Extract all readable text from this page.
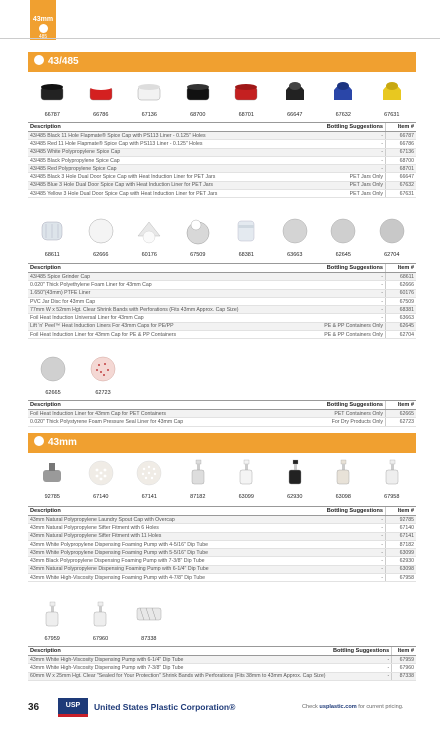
43mm
485
43/485
66787	66786	67136	68700	68701	66647	67632	67631
Description	Bottling Suggestions	Item #
43/485 Black 11 Hole Flapmate® Spice Cap with PS113 Liner - 0.125" Holes	-	66787
43/485 Red 11 Hole Flapmate® Spice Cap with PS113 Liner - 0.125" Holes	-	66786
43/485 White Polypropylene Spice Cap	-	67136
43/485 Black Polypropylene Spice Cap	-	68700
43/485 Red Polypropylene Spice Cap	-	68701
43/485 Black 3 Hole Dual Door Spice Cap with Heat Induction Liner for PET Jars	PET Jars Only	66647
43/485 Blue 3 Hole Dual Door Spice Cap with Heat Induction Liner for PET Jars	PET Jars Only	67632
43/485 Yellow 3 Hole Dual Door Spice Cap with Heat Induction Liner for PET Jars	PET Jars Only	67631
68611	62666	60176	67509	68381	63663	62645	62704
Description	Bottling Suggestions	Item #
43/485 Spice Grinder Cap	-	68611
0.020" Thick Polyethylene Foam Liner for 43mm Cap	-	62666
1.650"(43mm) PTFE Liner	-	60176
PVC Jar Disc for 43mm Cap	-	67509
77mm W x 52mm Hgt. Clear Shrink Bands with Perforations (Fits 43mm Approx. Cap Size)	-	68381
Foil Heat Induction Universal Liner for 43mm Cap	-	63663
Lift 'n' Peel™ Heat Induction Liners For 43mm Caps for PE/PP	PE & PP Containers Only	62645
Foil Heat Induction Liner for 43mm Cap for PE & PP Containers	PE & PP Containers Only	62704
62665	62723
Description	Bottling Suggestions	Item #
Foil Heat Induction Liner for 43mm Cap for PET Containers	PET Containers Only	62665
0.020" Thick Polystyrene Foam Pressure Seal Liner for 43mm Cap	For Dry Products Only	62723
43mm
92785	67140	67141	87182	63099	62930	63098	67958
Description	Bottling Suggestions	Item #
43mm Natural Polypropylene Laundry Spout Cap with Overcap	-	92785
43mm Natural Polypropylene Sifter Fitment with 6 Holes	-	67140
43mm Natural Polypropylene Sifter Fitment with 11 Holes	-	67141
43mm White Polypropylene Dispensing Foaming Pump with 4-5/16" Dip Tube	-	87182
43mm White Polypropylene Dispensing Foaming Pump with 5-5/16" Dip Tube	-	63099
43mm Black Polypropylene Dispensing Foaming Pump with 7-3/8" Dip Tube	-	62930
43mm Natural Polypropylene Dispensing Foaming Pump with 6-1/4" Dip Tube	-	63098
43mm White High-Viscosity Dispensing Foaming Pump with 4-7/8" Dip Tube	-	67958
67959	67960	87338
Description	Bottling Suggestions	Item #
43mm White High-Viscosity Dispensing Pump with 6-1/4" Dip Tube	-	67959
43mm White High-Viscosity Dispensing Pump with 7-3/8" Dip Tube	-	67960
60mm W x 25mm Hgt. Clear "Sealed for Your Protection" Shrink Bands with Perforations (Fits 38mm to 43mm Approx. Cap Size)	-	87338
36	USP	United States Plastic Corporation®	Check usplastic.com for current pricing.
